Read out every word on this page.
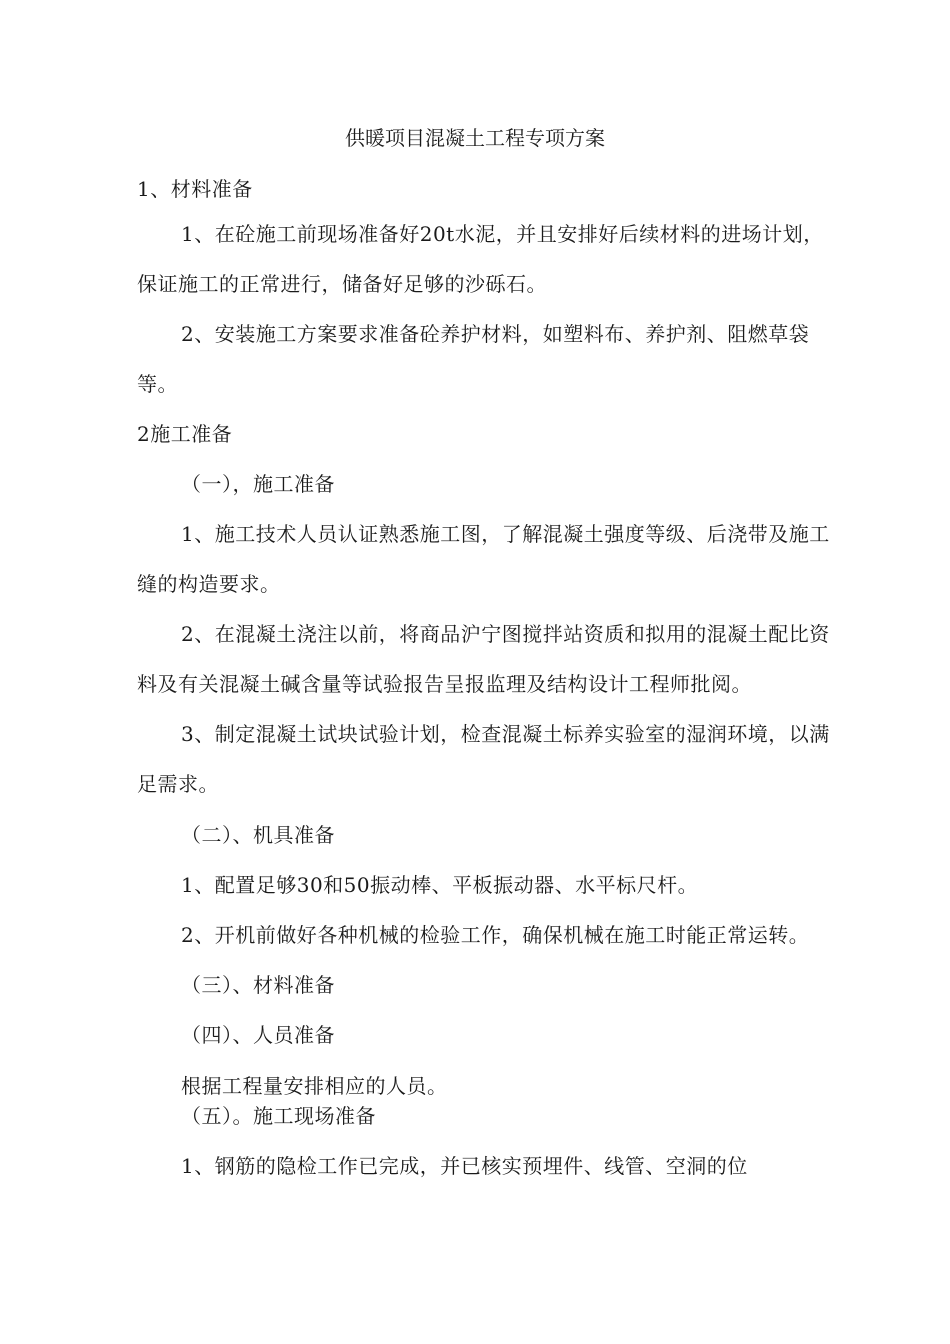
供暖项目混凝土工程专项方案
1、材料准备
1、在砼施工前现场准备好20t水泥，并且安排好后续材料的进场计划，
保证施工的正常进行，储备好足够的沙砾石。
2、安装施工方案要求准备砼养护材料，如塑料布、养护剂、阻燃草袋
等。
2施工准备
（一），施工准备
1、施工技术人员认证熟悉施工图，了解混凝土强度等级、后浇带及施工
缝的构造要求。
2、在混凝土浇注以前，将商品沪宁图搅拌站资质和拟用的混凝土配比资
料及有关混凝土碱含量等试验报告呈报监理及结构设计工程师批阅。
3、制定混凝土试块试验计划，检查混凝土标养实验室的湿润环境，以满
足需求。
（二）、机具准备
1、配置足够30和50振动棒、平板振动器、水平标尺杆。
2、开机前做好各种机械的检验工作，确保机械在施工时能正常运转。
（三）、材料准备
（四）、人员准备
根据工程量安排相应的人员。
（五）。施工现场准备
1、钢筋的隐检工作已完成，并已核实预埋件、线管、空洞的位
